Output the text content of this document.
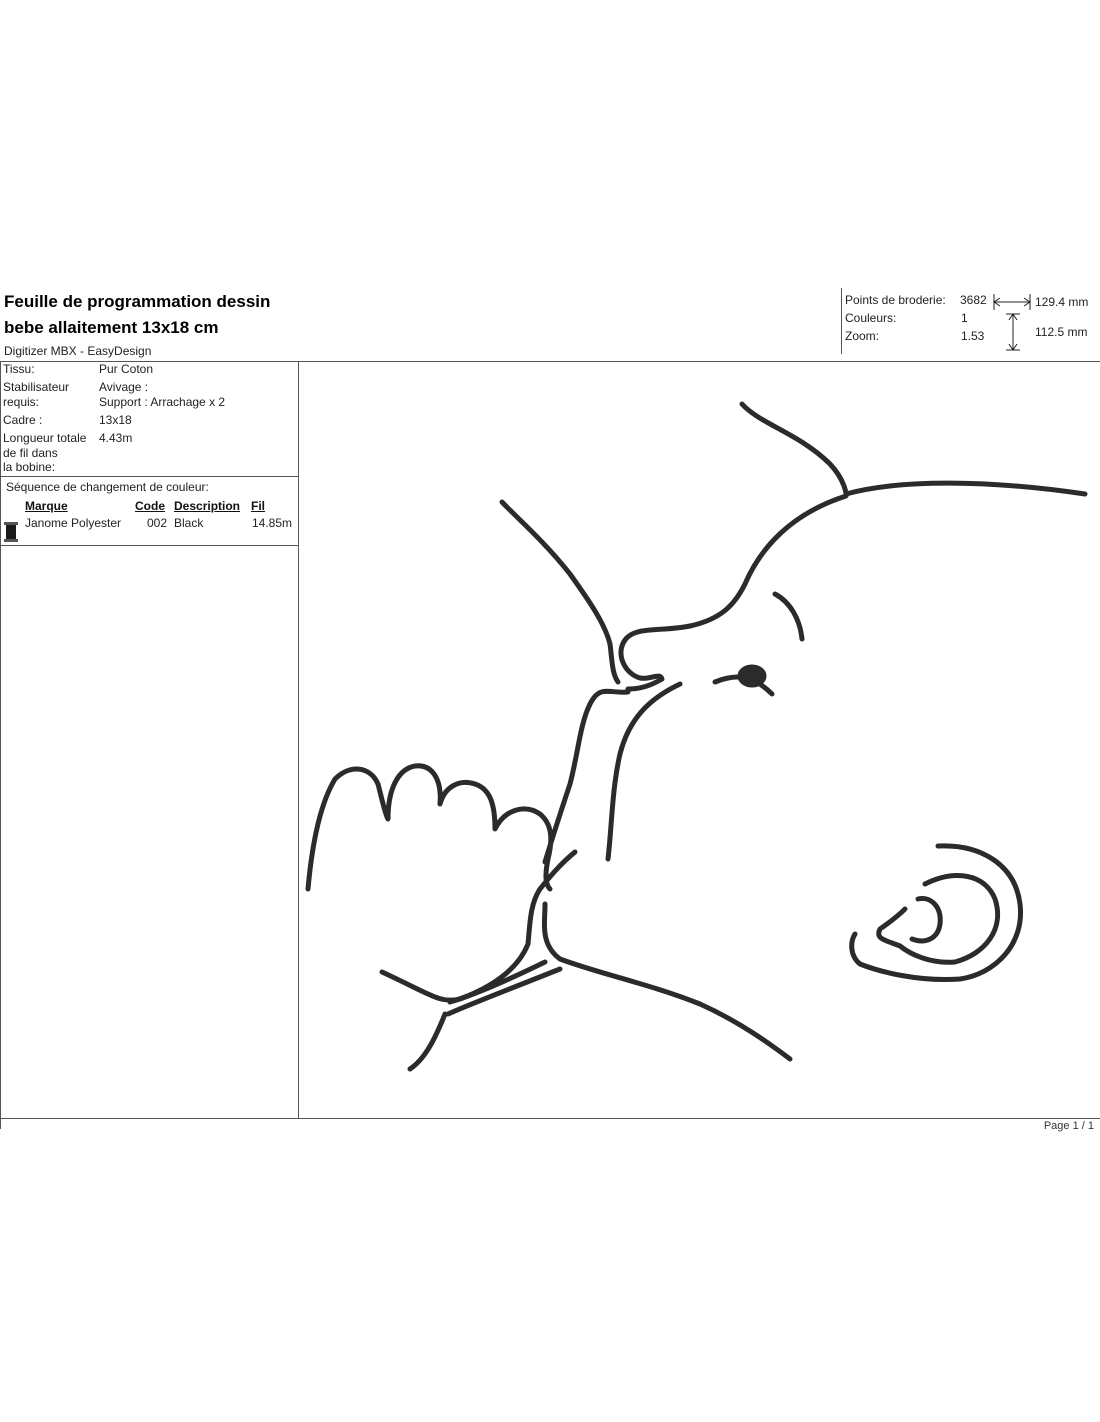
Feuille de programmation dessin
bebe allaitement 13x18 cm
Digitizer MBX - EasyDesign
Points de broderie: 3682
Couleurs:	1
Zoom:	1.53
129.4 mm
112.5 mm
Tissu:	Pur Coton
Stabilisateur
requis:
Avivage :
Support : Arrachage x 2
Cadre :	13x18
Longueur totale
de fil dans
la bobine:
4.43m
Séquence de changement de couleur:
Marque	Code Description Fil
Janome Polyester 002 Black	14.85m
Page 1 / 1
